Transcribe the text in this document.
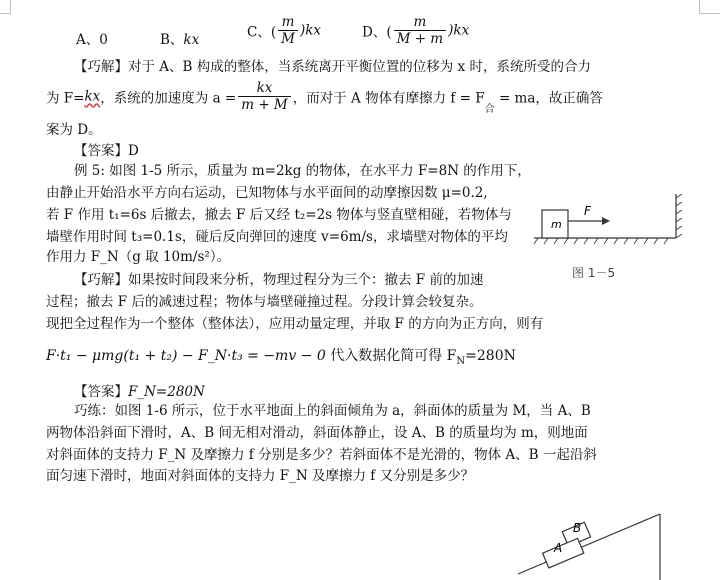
A、0	B、kx	C、( $\frac{m}{M} )kx$	D、( $\frac{m}{M + m} )kx$
【巧解】对于 A、B 构成的整体，当系统离开平衡位置的位移为 x 时，系统所受的合力
为 F=kx，系统的加速度为 $a = \frac{kx}{m + M}$ ，而对于 A 物体有摩擦力 $f = F_合$ = ma，故正确答
案为 D。
【答案】D
例 5: 如图 1-5 所示，质量为 m=2kg 的物体，在水平力 F=8N 的作用下，
由静止开始沿水平方向右运动，已知物体与水平面间的动摩擦因数 μ=0.2,
若 F 作用 t₁=6s 后撤去，撤去 F 后又经 t₂=2s 物体与竖直壁相碰，若物体与
墙壁作用时间 t₃=0.1s，碰后反向弹回的速度 v=6m/s，求墙壁对物体的平均
作用力 F_N（g 取 10m/s²）。
m
F
图 1－5
【巧解】如果按时间段来分析，物理过程分为三个：撤去 F 前的加速
过程；撤去 F 后的减速过程；物体与墙壁碰撞过程。分段计算会较复杂。
现把全过程作为一个整体（整体法），应用动量定理，并取 F 的方向为正方向，则有
F·t₁ − μmg(t₁ + t₂) − F_N·t₃ = −mv − 0 代入数据化简可得 $F_N=280N$
【答案】F_N=280N
巧练：如图 1-6 所示，位于水平地面上的斜面倾角为 a，斜面体的质量为 M，当 A、B
两物体沿斜面下滑时，A、B 间无相对滑动，斜面体静止，设 A、B 的质量均为 m，则地面
对斜面体的支持力 F_N 及摩擦力 f 分别是多少？若斜面体不是光滑的，物体 A、B 一起沿斜
面匀速下滑时，地面对斜面体的支持力 F_N 及摩擦力 f 又分别是多少？
B
A
